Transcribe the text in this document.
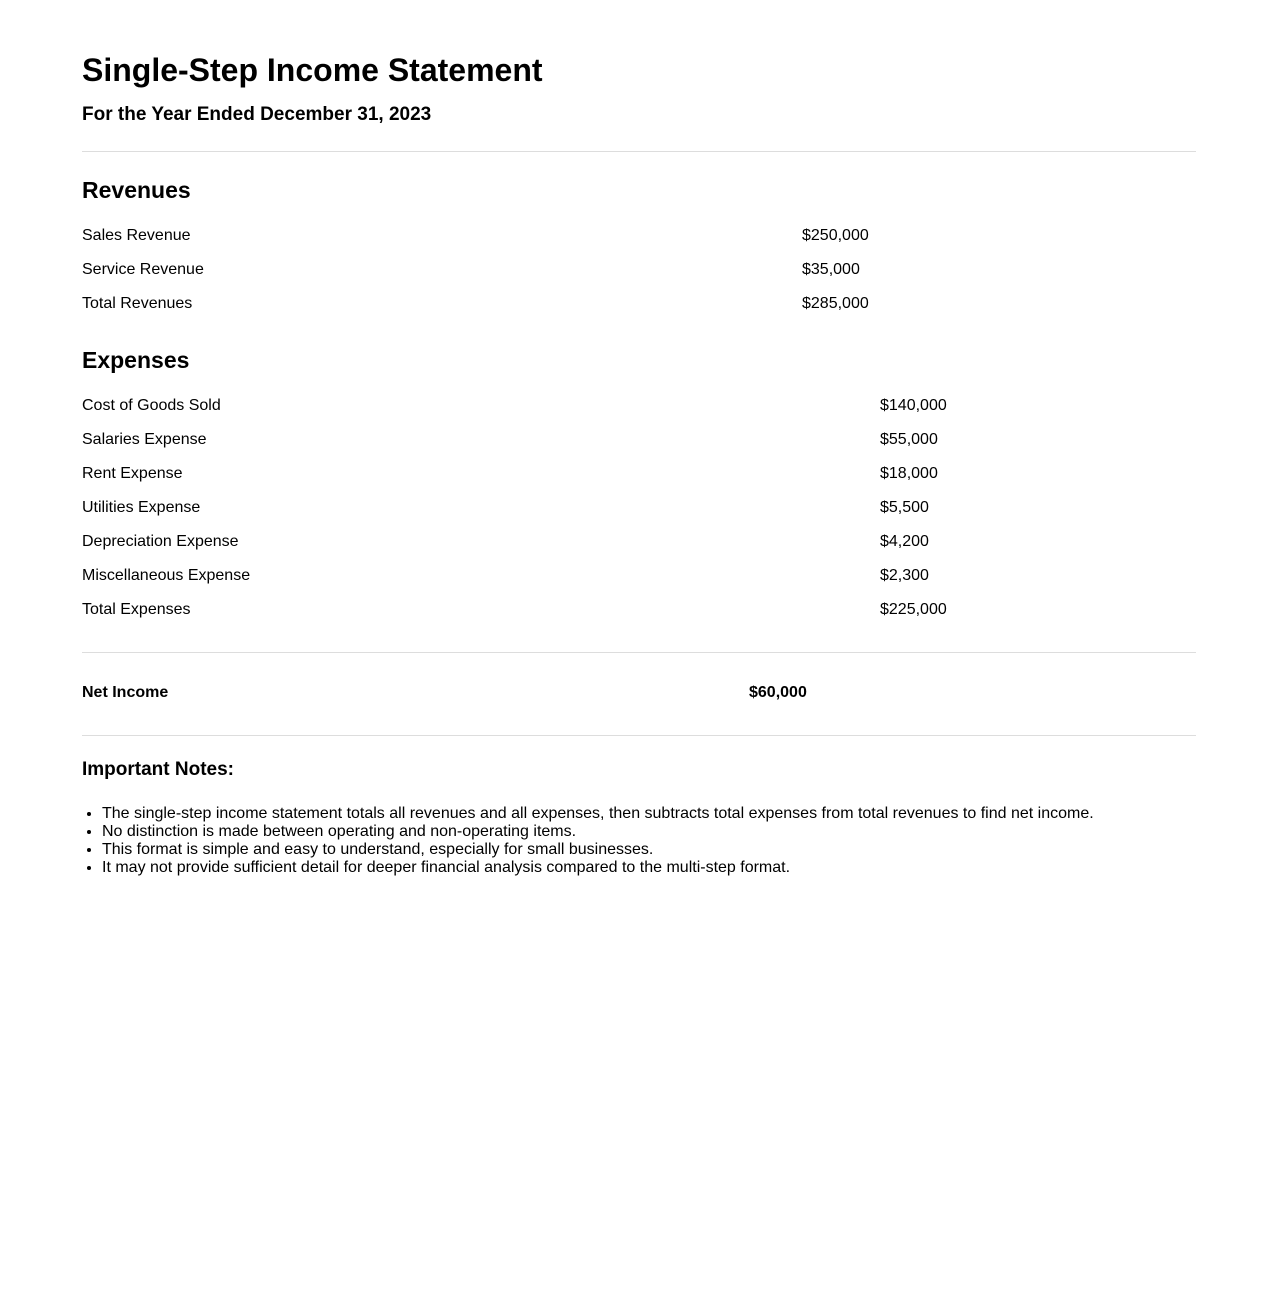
Single-Step Income Statement
For the Year Ended December 31, 2023
Revenues
Sales Revenue	$250,000
Service Revenue	$35,000
Total Revenues	$285,000
Expenses
Cost of Goods Sold	$140,000
Salaries Expense	$55,000
Rent Expense	$18,000
Utilities Expense	$5,500
Depreciation Expense	$4,200
Miscellaneous Expense	$2,300
Total Expenses	$225,000
Net Income	$60,000
Important Notes:
• The single-step income statement totals all revenues and all expenses, then subtracts total expenses from total revenues to find net income.
• No distinction is made between operating and non-operating items.
• This format is simple and easy to understand, especially for small businesses.
• It may not provide sufficient detail for deeper financial analysis compared to the multi-step format.
